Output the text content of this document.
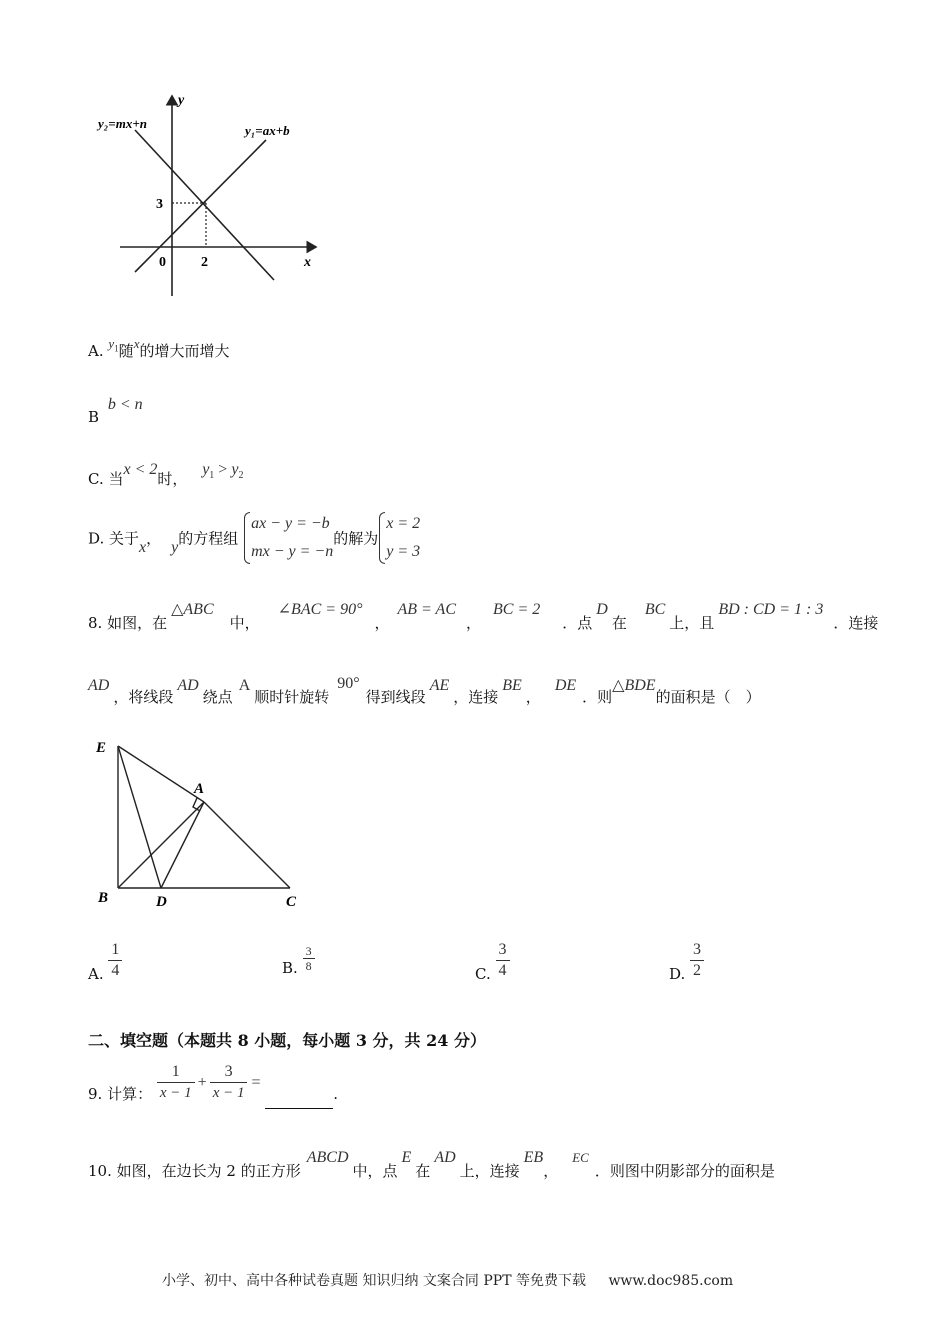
y
x
y₂=mx+n	y₁=ax+b
3
2
0
A. $y_1$随x的增大而增大
B b < n
C. 当x < 2时， $y_1 > y_2$
D. 关于x， y的方程组
ax − y = −b
mx − y = −n
的解为
x = 2
y = 3
8. 如图，在△ABC中，∠BAC = 90°，AB = AC，BC = 2．点D在BC上，且BD : CD = 1 : 3．连接
AD，将线段AD绕点A顺时针旋转90°得到线段AE，连接BE，DE．则△BDE的面积是（　）
E
A
B	D	C
A. $\frac{1}{4}$	B. $\frac{3}{8}$
C. $\frac{3}{4}$	D. $\frac{3}{2}$
二、填空题（本题共 8 小题，每小题 3 分，共 24 分）
9. 计算： $\frac{1}{x - 1} + \frac{3}{x - 1}$ = .
10. 如图，在边长为 2 的正方形ABCD中，点E在AD上，连接EB，EC．则图中阴影部分的面积是
小学、初中、高中各种试卷真题 知识归纳 文案合同 PPT 等免费下载 www.doc985.com
